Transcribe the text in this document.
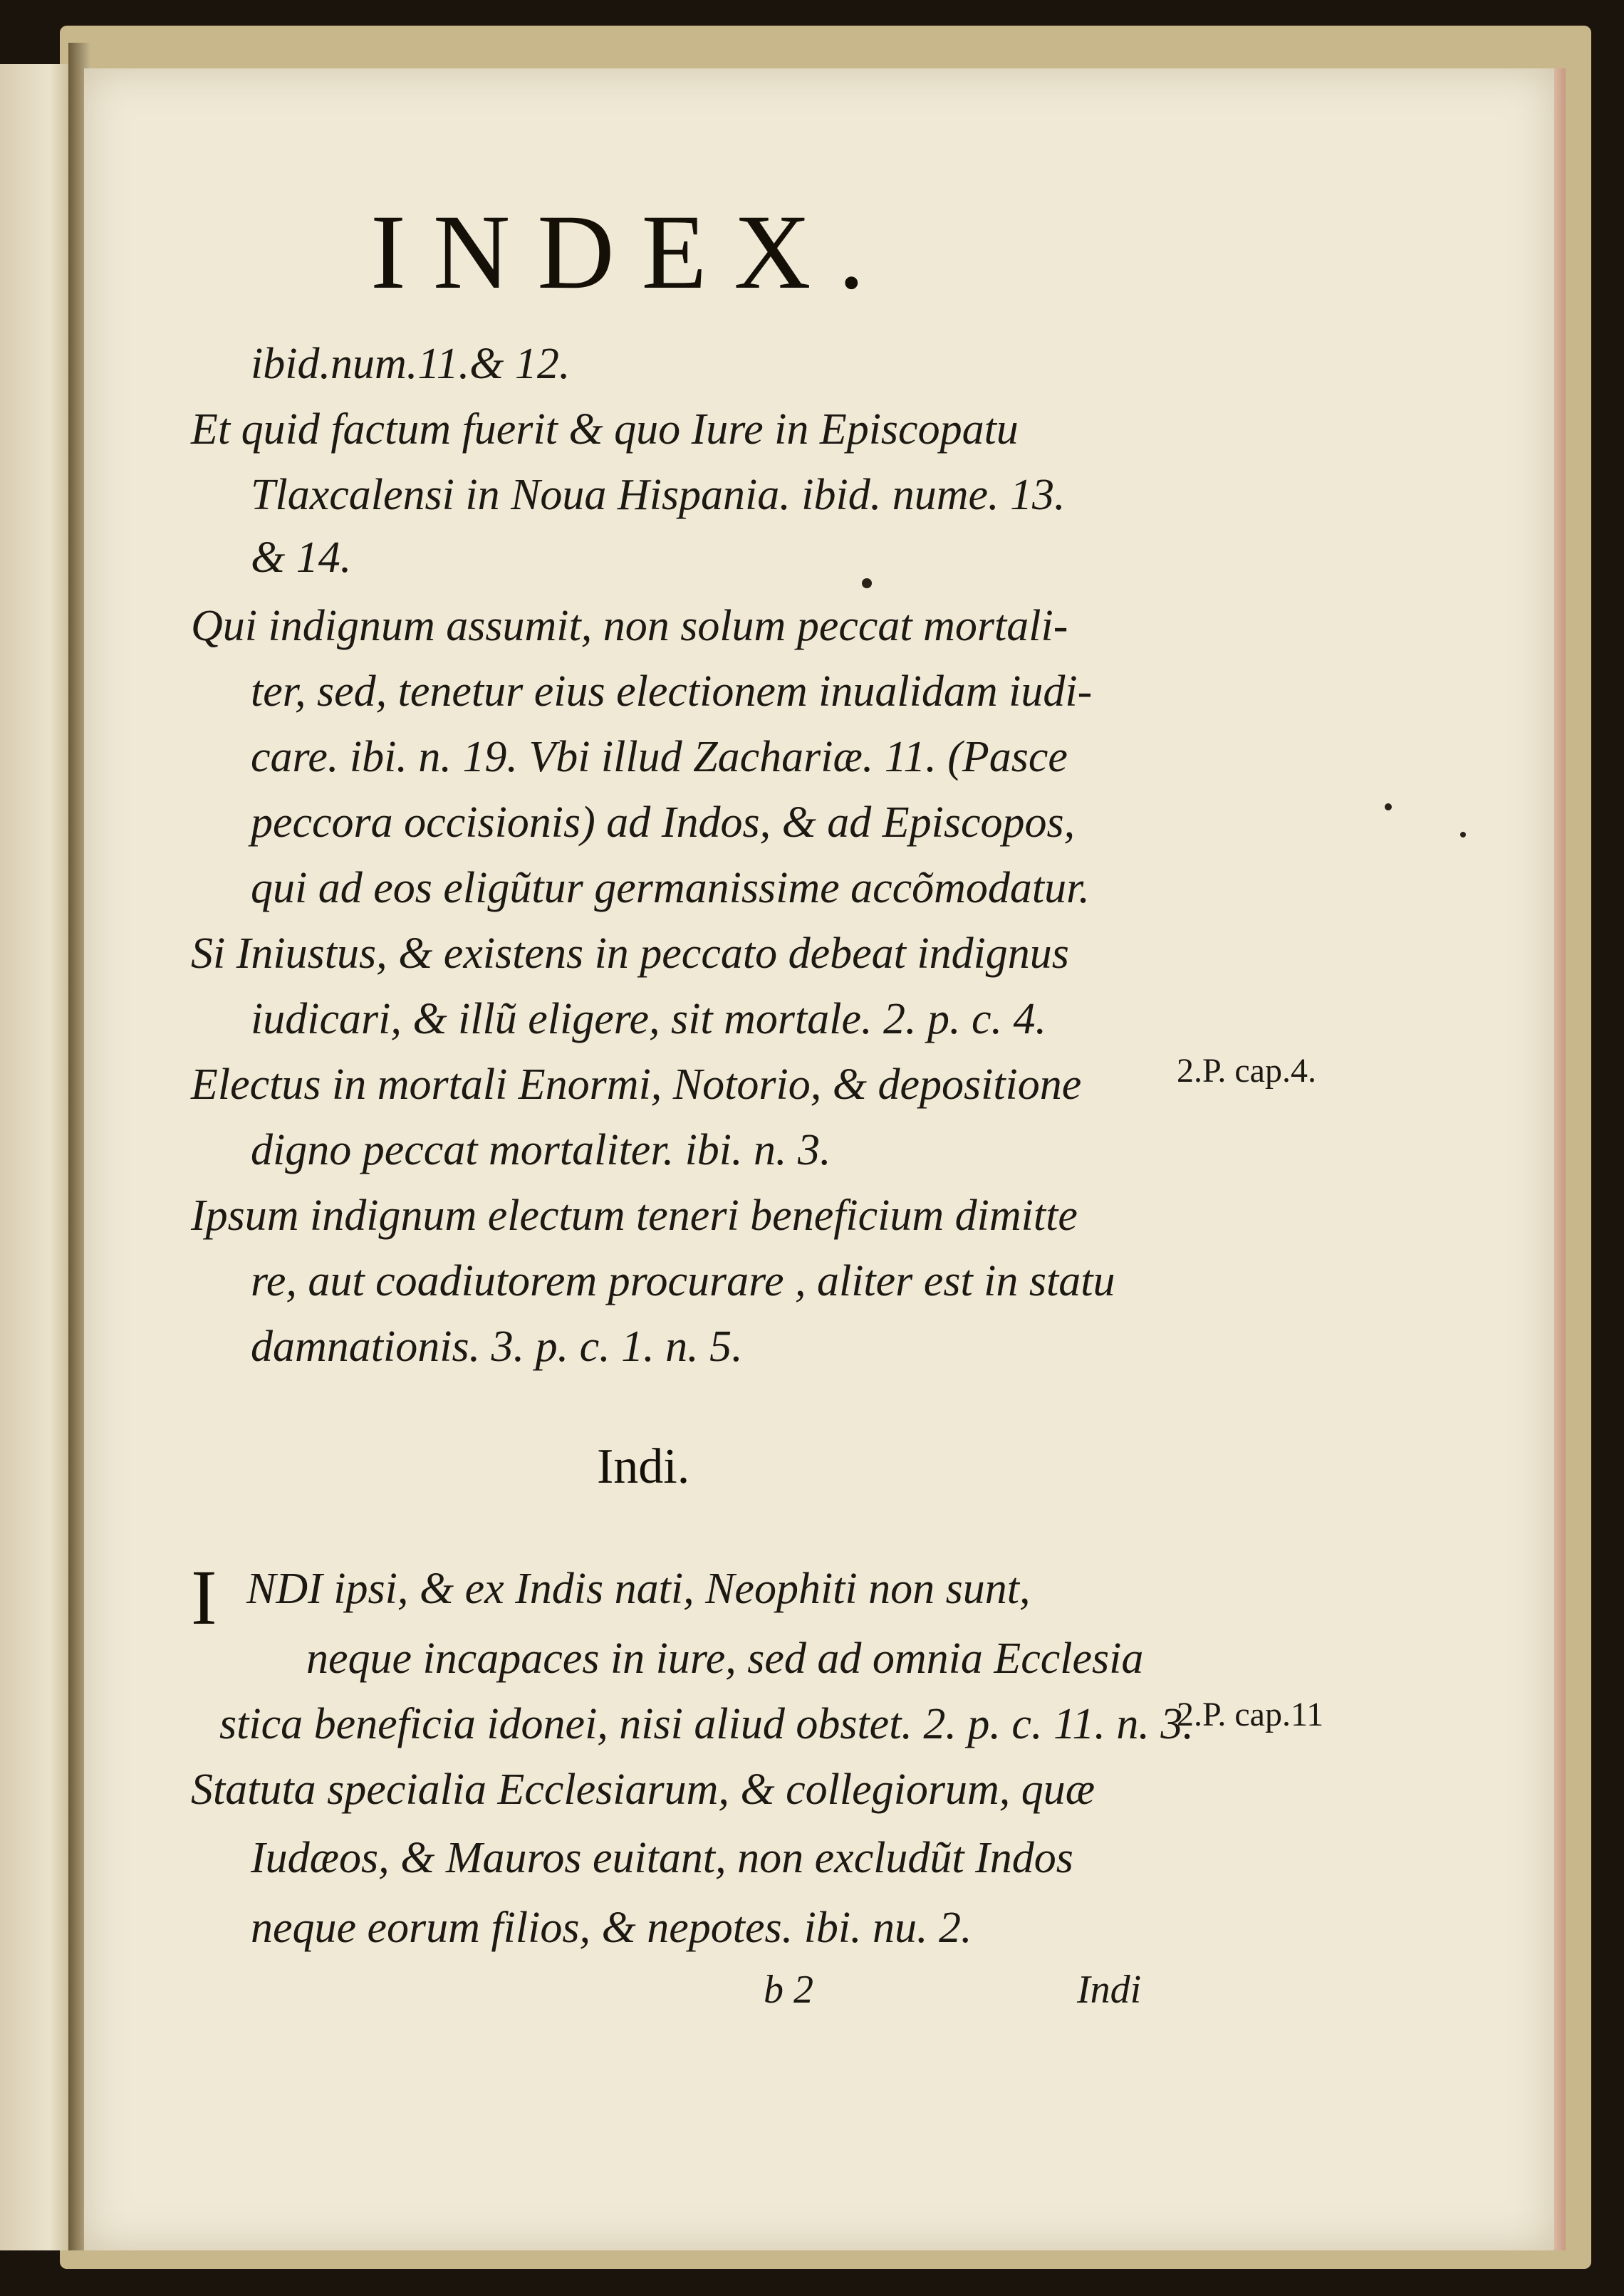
INDEX.
ibid.num.11.& 12.
Et quid factum fuerit & quo Iure in Episcopatu
Tlaxcalensi in Noua Hispania. ibid. nume. 13.
& 14.
Qui indignum assumit, non solum peccat mortali-
ter, sed, tenetur eius electionem inualidam iudi-
care. ibi. n. 19. Vbi illud Zachariæ. 11. (Pasce
peccora occisionis) ad Indos, & ad Episcopos,
qui ad eos eligũtur germanissime accõmodatur.
Si Iniustus, & existens in peccato debeat indignus
iudicari, & illũ eligere, sit mortale. 2. p. c. 4.
Electus in mortali Enormi, Notorio, & depositione
digno peccat mortaliter. ibi. n. 3.
Ipsum indignum electum teneri beneficium dimitte
re, aut coadiutorem procurare , aliter est in statu
damnationis. 3. p. c. 1. n. 5.
2.P. cap.4.
Indi.
I NDI ipsi, & ex Indis nati, Neophiti non sunt,
neque incapaces in iure, sed ad omnia Ecclesia
stica beneficia idonei, nisi aliud obstet. 2. p. c. 11. n. 3.
Statuta specialia Ecclesiarum, & collegiorum, quæ
Iudæos, & Mauros euitant, non excludũt Indos
neque eorum filios, & nepotes. ibi. nu. 2.
2.P. cap.11
b 2	Indi
